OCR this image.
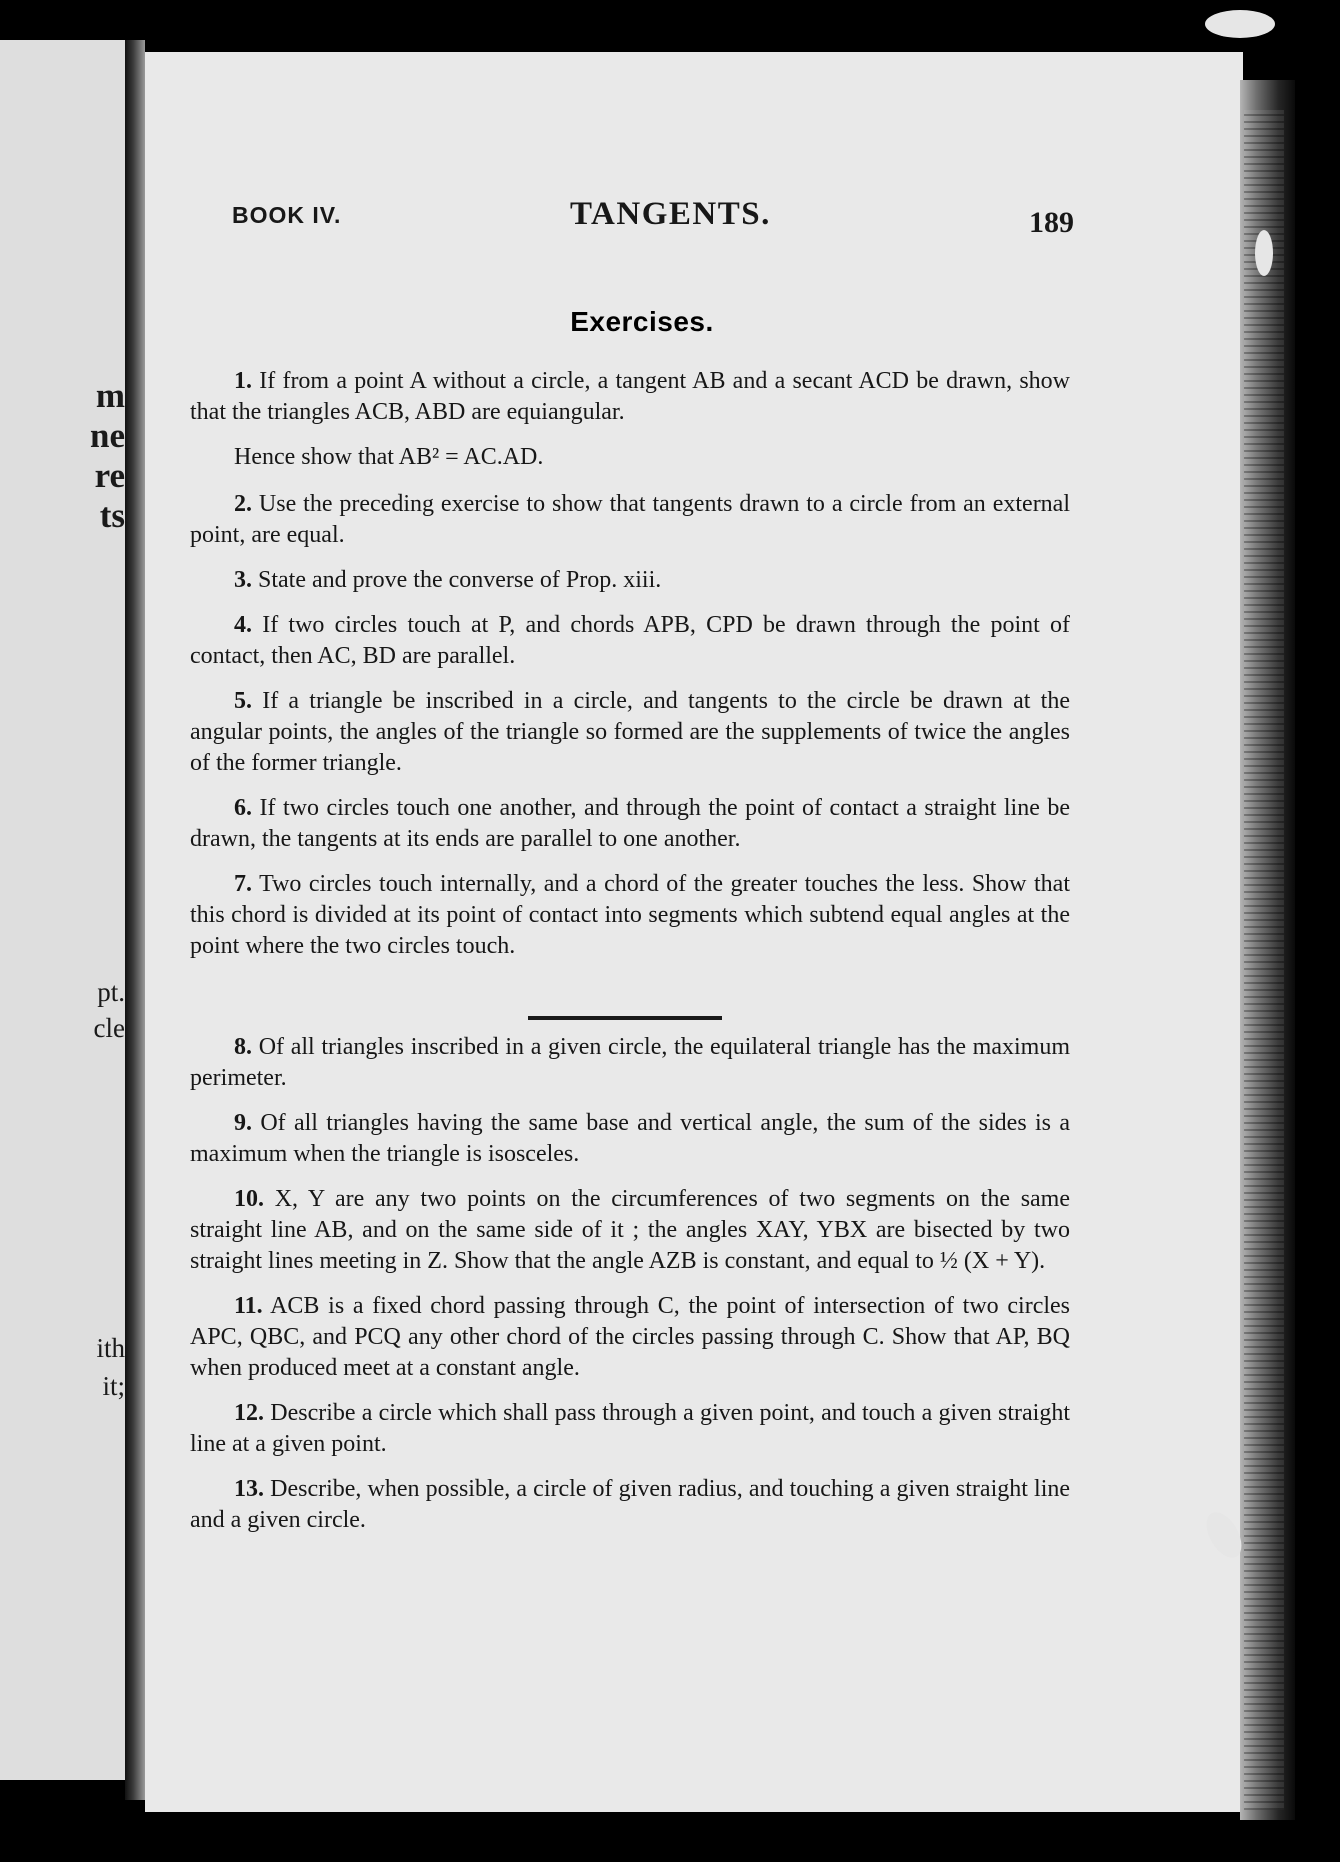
m
ne
re
ts
pt.
cle
ith
it;
BOOK IV.	TANGENTS.	189
Exercises.

1. If from a point A without a circle, a tangent AB and a secant ACD be drawn, show that the triangles ACB, ABD are equiangular.

Hence show that AB² = AC.AD.

2. Use the preceding exercise to show that tangents drawn to a circle from an external point, are equal.

3. State and prove the converse of Prop. xiii.

4. If two circles touch at P, and chords APB, CPD be drawn through the point of contact, then AC, BD are parallel.

5. If a triangle be inscribed in a circle, and tangents to the circle be drawn at the angular points, the angles of the triangle so formed are the supplements of twice the angles of the former triangle.

6. If two circles touch one another, and through the point of contact a straight line be drawn, the tangents at its ends are parallel to one another.

7. Two circles touch internally, and a chord of the greater touches the less. Show that this chord is divided at its point of contact into segments which subtend equal angles at the point where the two circles touch.

8. Of all triangles inscribed in a given circle, the equilateral triangle has the maximum perimeter.

9. Of all triangles having the same base and vertical angle, the sum of the sides is a maximum when the triangle is isosceles.

10. X, Y are any two points on the circumferences of two segments on the same straight line AB, and on the same side of it ; the angles XAY, YBX are bisected by two straight lines meeting in Z. Show that the angle AZB is constant, and equal to ½ (X + Y).

11. ACB is a fixed chord passing through C, the point of intersection of two circles APC, QBC, and PCQ any other chord of the circles passing through C. Show that AP, BQ when produced meet at a constant angle.

12. Describe a circle which shall pass through a given point, and touch a given straight line at a given point.

13. Describe, when possible, a circle of given radius, and touching a given straight line and a given circle.
